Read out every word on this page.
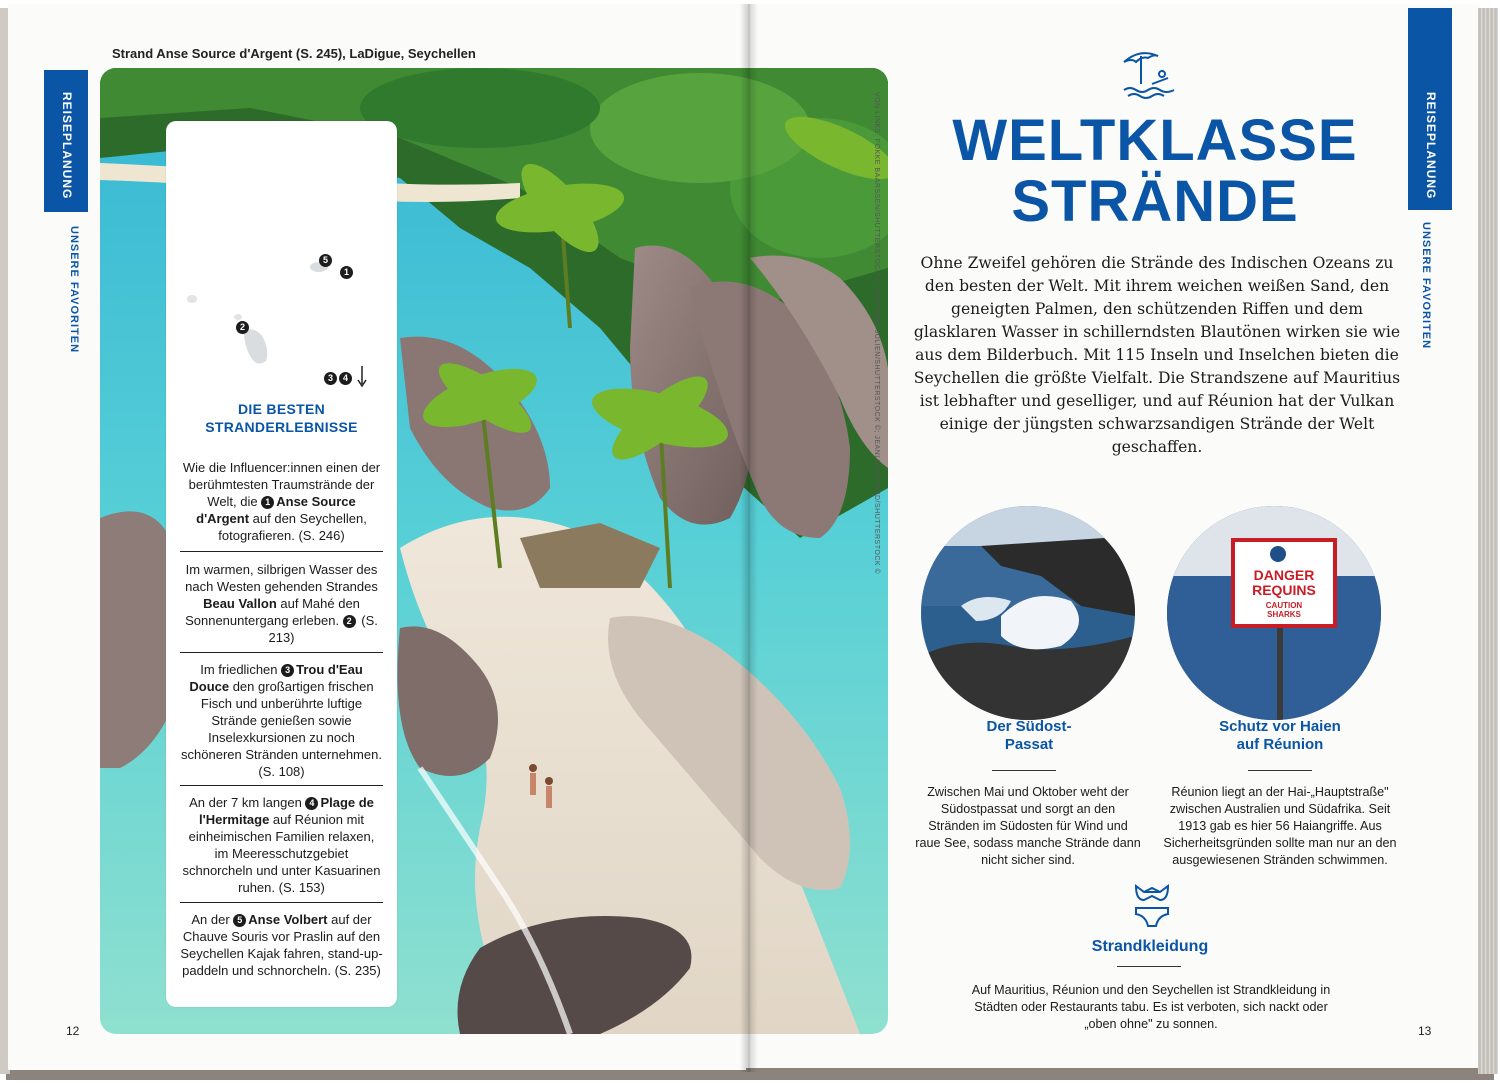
REISEPLANUNG
UNSERE FAVORITEN
Strand Anse Source d'Argent (S. 245), LaDigue, Seychellen
VON LINKS: FOKKE BAARSSEN/SHUTTERSTOCK ©; COUANON JULIEN/SHUTTERSTOCK ©; JEANLUCICHARD/SHUTTERSTOCK ©
5
1
2
3	4
DIE BESTEN
STRANDERLEBNISSE
Wie die Influencer:innen einen der berühmtesten Traumstrände der Welt, die 1 Anse Source d'Argent auf den Seychellen, fotografieren. (S. 246)
Im warmen, silbrigen Wasser des nach Westen gehenden Strandes Beau Vallon auf Mahé den Sonnenuntergang erleben. 2 (S. 213)
Im friedlichen 3 Trou d'Eau Douce den großartigen frischen Fisch und unberührte luftige Strände genießen sowie Inselexkursionen zu noch schöneren Stränden unternehmen. (S. 108)
An der 7 km langen 4 Plage de l'Hermitage auf Réunion mit einheimischen Familien relaxen, im Meeresschutzgebiet schnorcheln und unter Kasuarinen ruhen. (S. 153)
An der 5 Anse Volbert auf der Chauve Souris vor Praslin auf den Seychellen Kajak fahren, stand-up-paddeln und schnorcheln. (S. 235)
12
REISEPLANUNG
UNSERE FAVORITEN
WELTKLASSE
STRÄNDE
Ohne Zweifel gehören die Strände des Indischen Ozeans zu den besten der Welt. Mit ihrem weichen weißen Sand, den geneigten Palmen, den schützenden Riffen und dem glasklaren Wasser in schillerndsten Blautönen wirken sie wie aus dem Bilderbuch. Mit 115 Inseln und Inselchen bieten die Seychellen die größte Vielfalt. Die Strandszene auf Mauritius ist lebhafter und geselliger, und auf Réunion hat der Vulkan einige der jüngsten schwarzsandigen Strände der Welt geschaffen.
DANGER
REQUINS
CAUTION
SHARKS
Der Südost-
Passat
Zwischen Mai und Oktober weht der Südostpassat und sorgt an den Stränden im Südosten für Wind und raue See, sodass manche Strände dann nicht sicher sind.
Schutz vor Haien
auf Réunion
Réunion liegt an der Hai-„Hauptstraße" zwischen Australien und Südafrika. Seit 1913 gab es hier 56 Haiangriffe. Aus Sicherheitsgründen sollte man nur an den ausgewiesenen Stränden schwimmen.
Strandkleidung
Auf Mauritius, Réunion und den Seychellen ist Strandkleidung in Städten oder Restaurants tabu. Es ist verboten, sich nackt oder „oben ohne" zu sonnen.	13
